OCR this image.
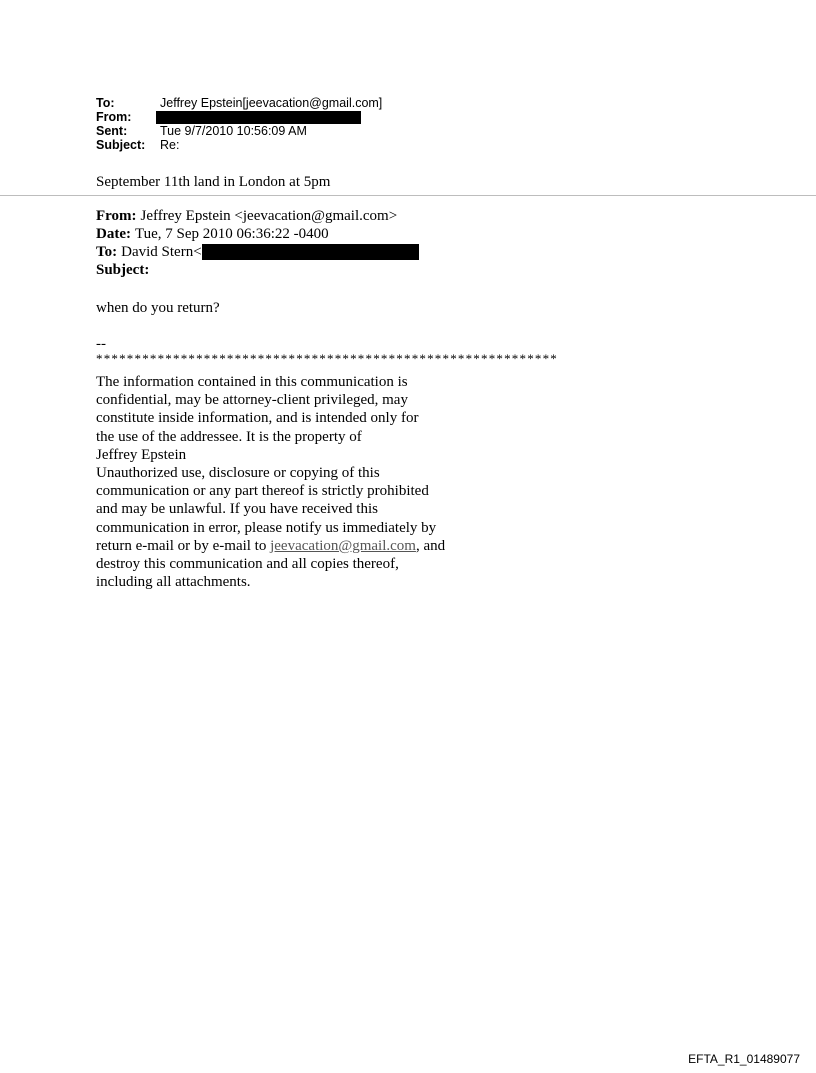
To:	Jeffrey Epstein[jeevacation@gmail.com]
From:
Sent:	Tue 9/7/2010 10:56:09 AM
Subject:	Re:
September 11th land in London at 5pm
From: Jeffrey Epstein <jeevacation@gmail.com>
Date: Tue, 7 Sep 2010 06:36:22 -0400
To: David Stern<
Subject:
when do you return?
--
************************************************************
The information contained in this communication is
confidential, may be attorney-client privileged, may
constitute inside information, and is intended only for
the use of the addressee. It is the property of
Jeffrey Epstein
Unauthorized use, disclosure or copying of this
communication or any part thereof is strictly prohibited
and may be unlawful. If you have received this
communication in error, please notify us immediately by
return e-mail or by e-mail to jeevacation@gmail.com, and
destroy this communication and all copies thereof,
including all attachments.
EFTA_R1_01489077
